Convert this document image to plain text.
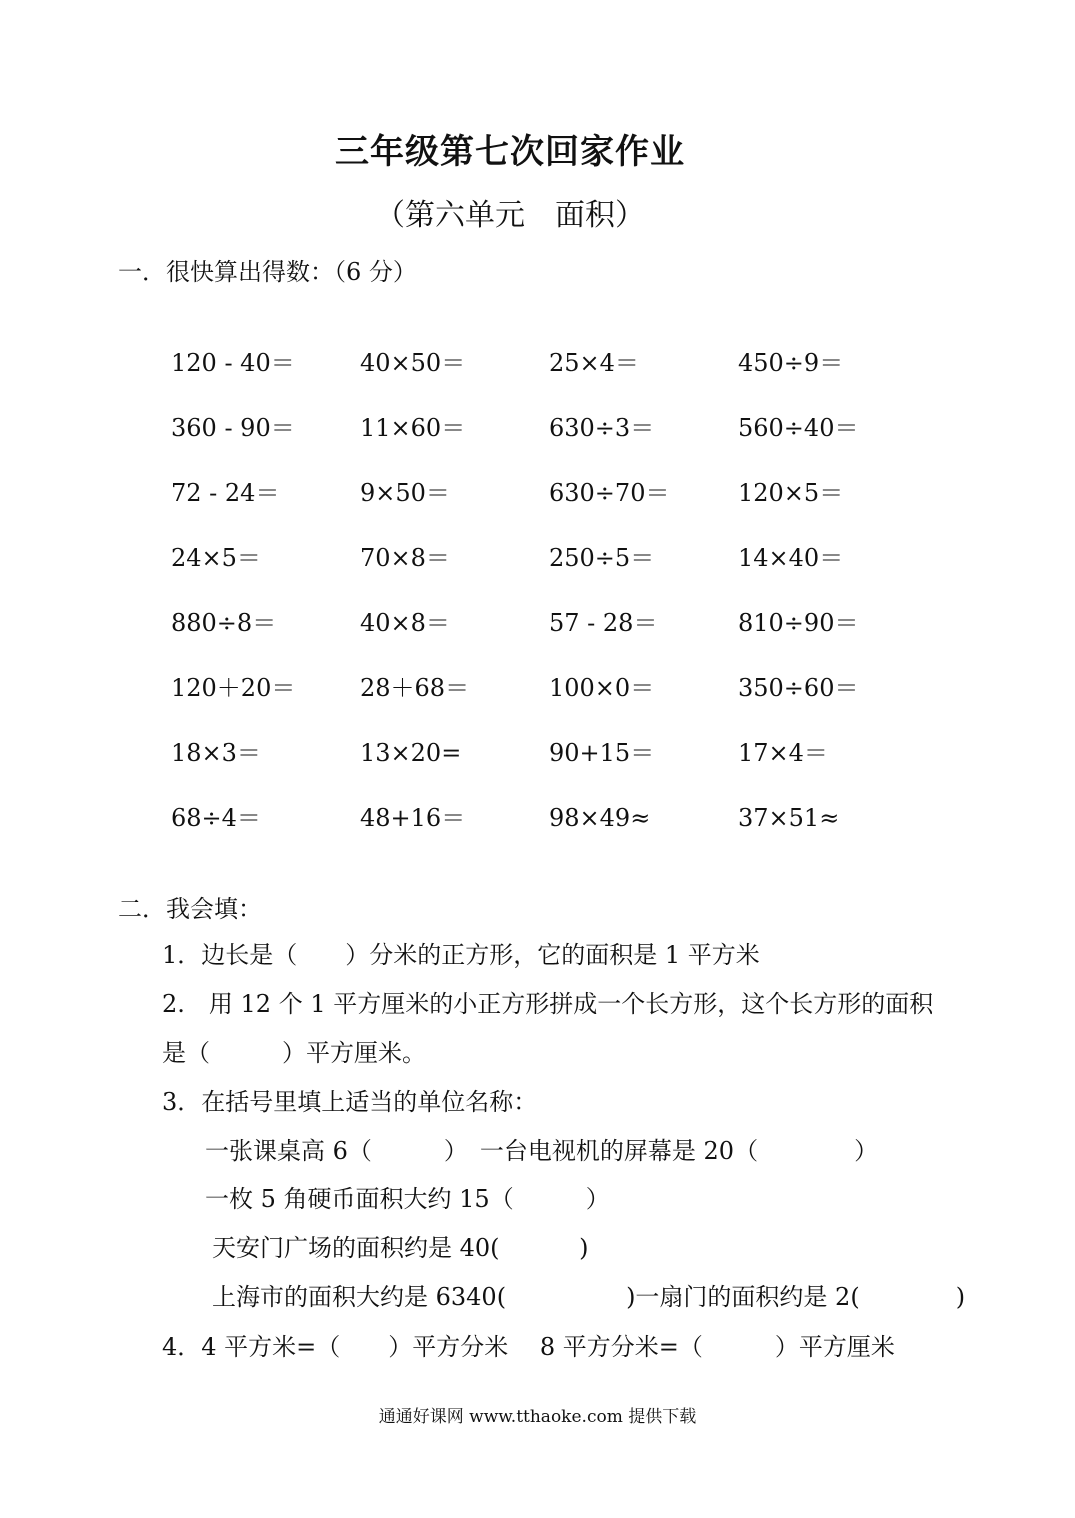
三年级第七次回家作业
（第六单元　面积）
一．很快算出得数：（6 分）
120 - 40＝	40×50＝	25×4＝	450÷9＝
360 - 90＝	11×60＝	630÷3＝	560÷40＝
72 - 24＝	9×50＝	630÷70＝	120×5＝
24×5＝	70×8＝	250÷5＝	14×40＝
880÷8＝	40×8＝	57 - 28＝	810÷90＝
120＋20＝	28＋68＝	100×0＝	350÷60＝
18×3＝	13×20=	90+15＝	17×4＝
68÷4＝	48+16＝	98×49≈	37×51≈
二．我会填：
1．边长是（　　）分米的正方形，它的面积是 1 平方米
2.　用 12 个 1 平方厘米的小正方形拼成一个长方形，这个长方形的面积
是（　　　）平方厘米。
3．在括号里填上适当的单位名称：
一张课桌高 6（　　　）　一台电视机的屏幕是 20（　　　　）
一枚 5 角硬币面积大约 15（　　　）
天安门广场的面积约是 40(　　　 )
上海市的面积大约是 6340(　　　　　)一扇门的面积约是 2(　　　　)
4．4 平方米=（　　）平方分米　 8 平方分米=（　　　）平方厘米
通通好课网 www.tthaoke.com 提供下载
